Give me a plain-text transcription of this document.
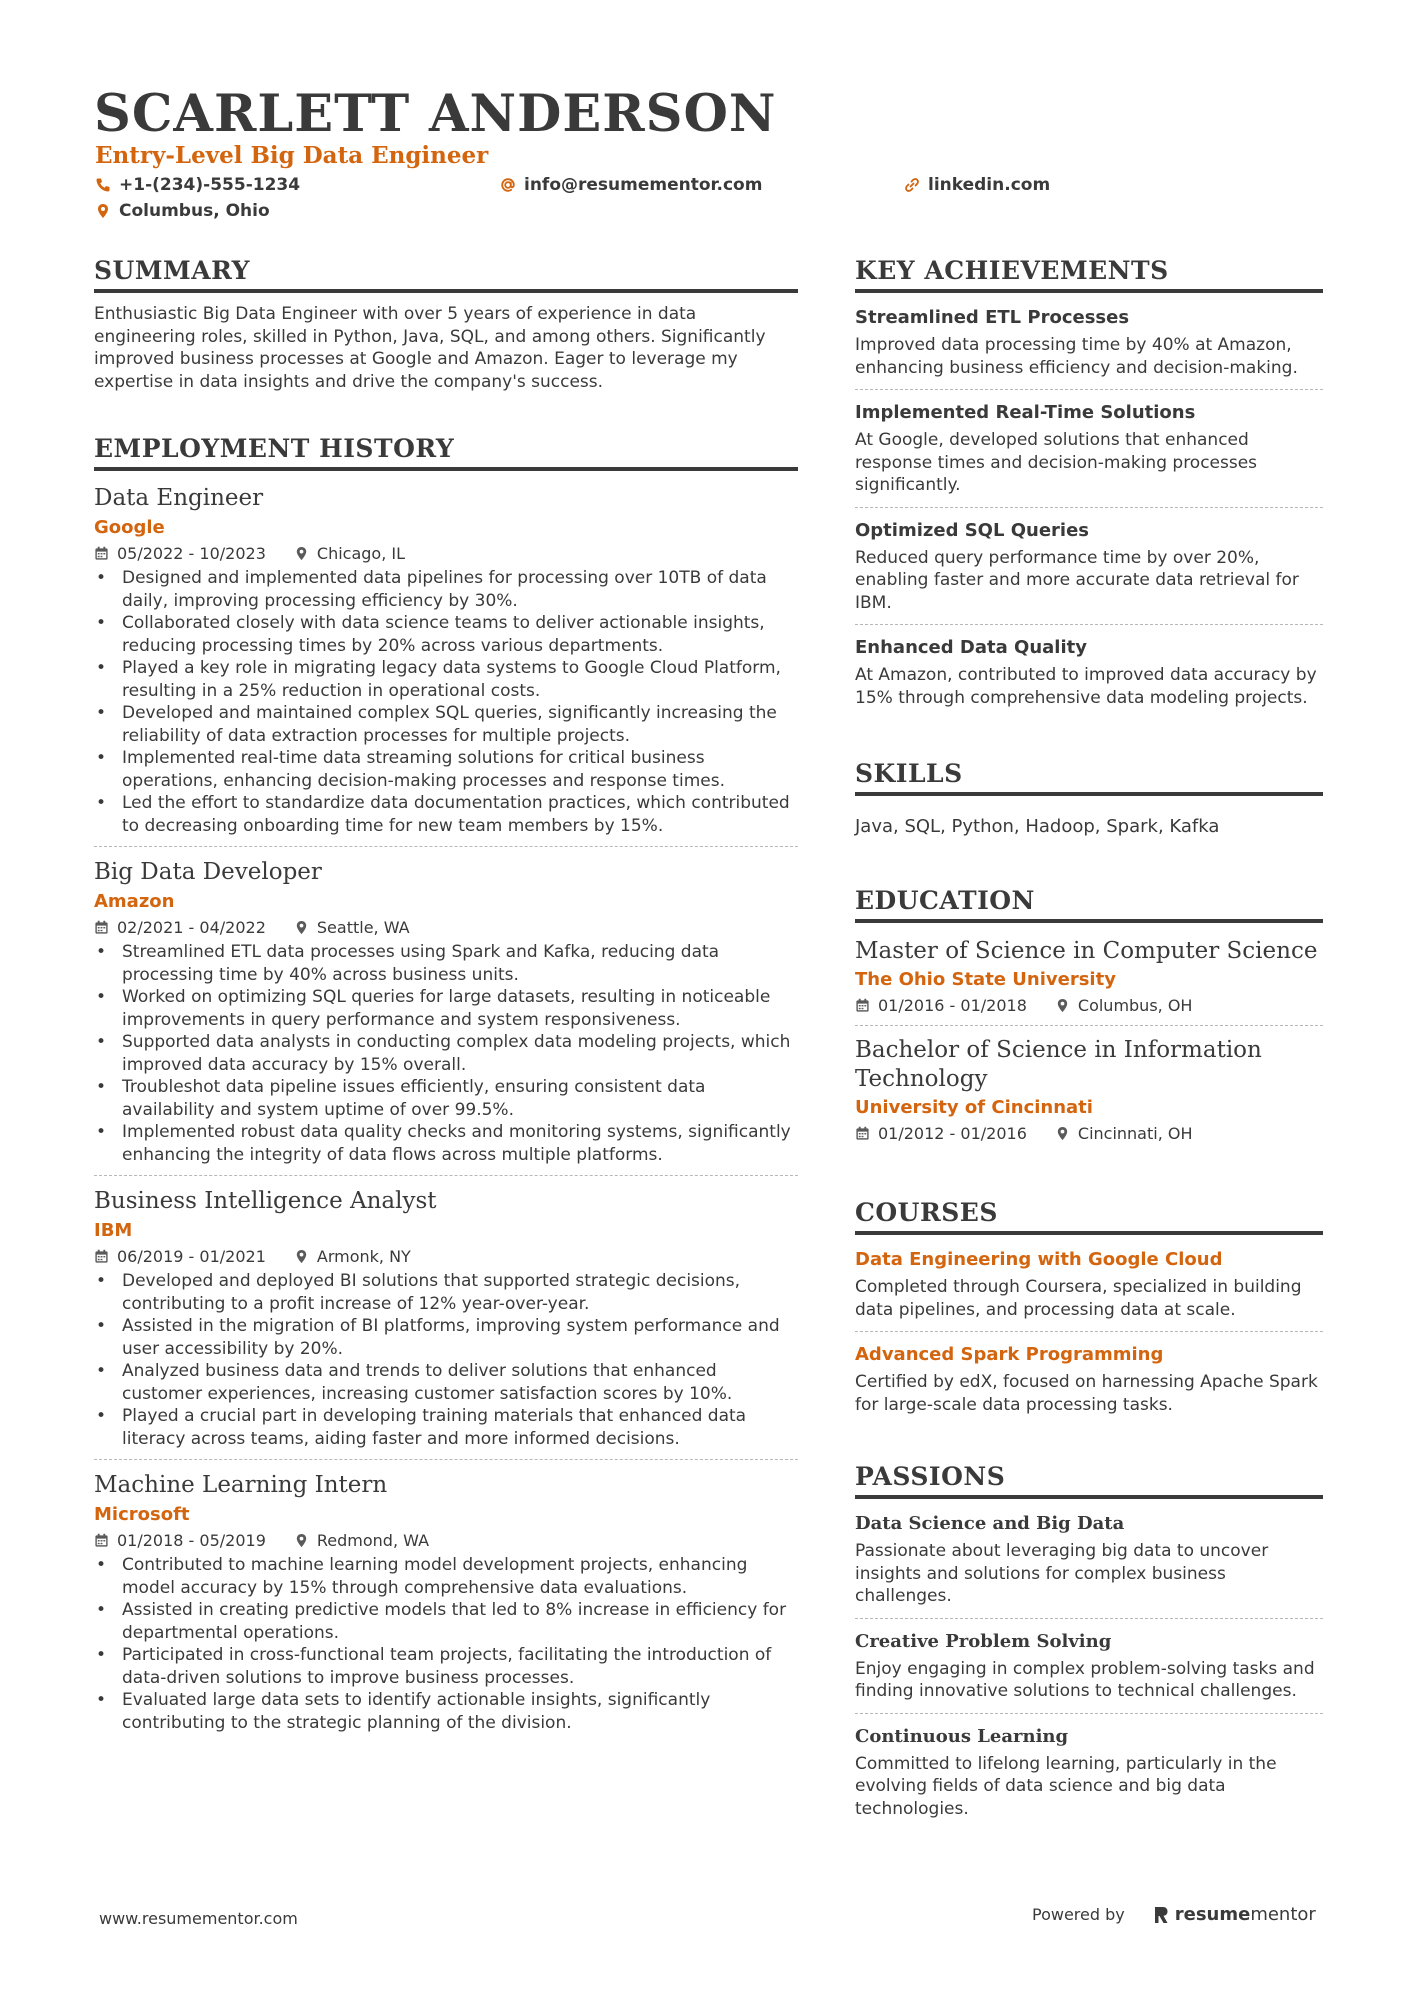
SCARLETT ANDERSON
Entry-Level Big Data Engineer
+1-(234)-555-1234	info@resumementor.com	linkedin.com
Columbus, Ohio
SUMMARY
Enthusiastic Big Data Engineer with over 5 years of experience in data engineering roles, skilled in Python, Java, SQL, and among others. Significantly improved business processes at Google and Amazon. Eager to leverage my expertise in data insights and drive the company's success.
EMPLOYMENT HISTORY
Data Engineer
Google
05/2022 - 10/2023	Chicago, IL
• Designed and implemented data pipelines for processing over 10TB of data daily, improving processing efficiency by 30%.
• Collaborated closely with data science teams to deliver actionable insights, reducing processing times by 20% across various departments.
• Played a key role in migrating legacy data systems to Google Cloud Platform, resulting in a 25% reduction in operational costs.
• Developed and maintained complex SQL queries, significantly increasing the reliability of data extraction processes for multiple projects.
• Implemented real-time data streaming solutions for critical business operations, enhancing decision-making processes and response times.
• Led the effort to standardize data documentation practices, which contributed to decreasing onboarding time for new team members by 15%.
Big Data Developer
Amazon
02/2021 - 04/2022	Seattle, WA
• Streamlined ETL data processes using Spark and Kafka, reducing data processing time by 40% across business units.
• Worked on optimizing SQL queries for large datasets, resulting in noticeable improvements in query performance and system responsiveness.
• Supported data analysts in conducting complex data modeling projects, which improved data accuracy by 15% overall.
• Troubleshot data pipeline issues efficiently, ensuring consistent data availability and system uptime of over 99.5%.
• Implemented robust data quality checks and monitoring systems, significantly enhancing the integrity of data flows across multiple platforms.
Business Intelligence Analyst
IBM
06/2019 - 01/2021	Armonk, NY
• Developed and deployed BI solutions that supported strategic decisions, contributing to a profit increase of 12% year-over-year.
• Assisted in the migration of BI platforms, improving system performance and user accessibility by 20%.
• Analyzed business data and trends to deliver solutions that enhanced customer experiences, increasing customer satisfaction scores by 10%.
• Played a crucial part in developing training materials that enhanced data literacy across teams, aiding faster and more informed decisions.
Machine Learning Intern
Microsoft
01/2018 - 05/2019	Redmond, WA
• Contributed to machine learning model development projects, enhancing model accuracy by 15% through comprehensive data evaluations.
• Assisted in creating predictive models that led to 8% increase in efficiency for departmental operations.
• Participated in cross-functional team projects, facilitating the introduction of data-driven solutions to improve business processes.
• Evaluated large data sets to identify actionable insights, significantly contributing to the strategic planning of the division.
KEY ACHIEVEMENTS
Streamlined ETL Processes
Improved data processing time by 40% at Amazon, enhancing business efficiency and decision-making.
Implemented Real-Time Solutions
At Google, developed solutions that enhanced response times and decision-making processes significantly.
Optimized SQL Queries
Reduced query performance time by over 20%, enabling faster and more accurate data retrieval for IBM.
Enhanced Data Quality
At Amazon, contributed to improved data accuracy by 15% through comprehensive data modeling projects.
SKILLS
Java, SQL, Python, Hadoop, Spark, Kafka
EDUCATION
Master of Science in Computer Science
The Ohio State University
01/2016 - 01/2018	Columbus, OH
Bachelor of Science in Information Technology
University of Cincinnati
01/2012 - 01/2016	Cincinnati, OH
COURSES
Data Engineering with Google Cloud
Completed through Coursera, specialized in building data pipelines, and processing data at scale.
Advanced Spark Programming
Certified by edX, focused on harnessing Apache Spark for large-scale data processing tasks.
PASSIONS
Data Science and Big Data
Passionate about leveraging big data to uncover insights and solutions for complex business challenges.
Creative Problem Solving
Enjoy engaging in complex problem-solving tasks and finding innovative solutions to technical challenges.
Continuous Learning
Committed to lifelong learning, particularly in the evolving fields of data science and big data technologies.
www.resumementor.com	Powered by	resumementor
